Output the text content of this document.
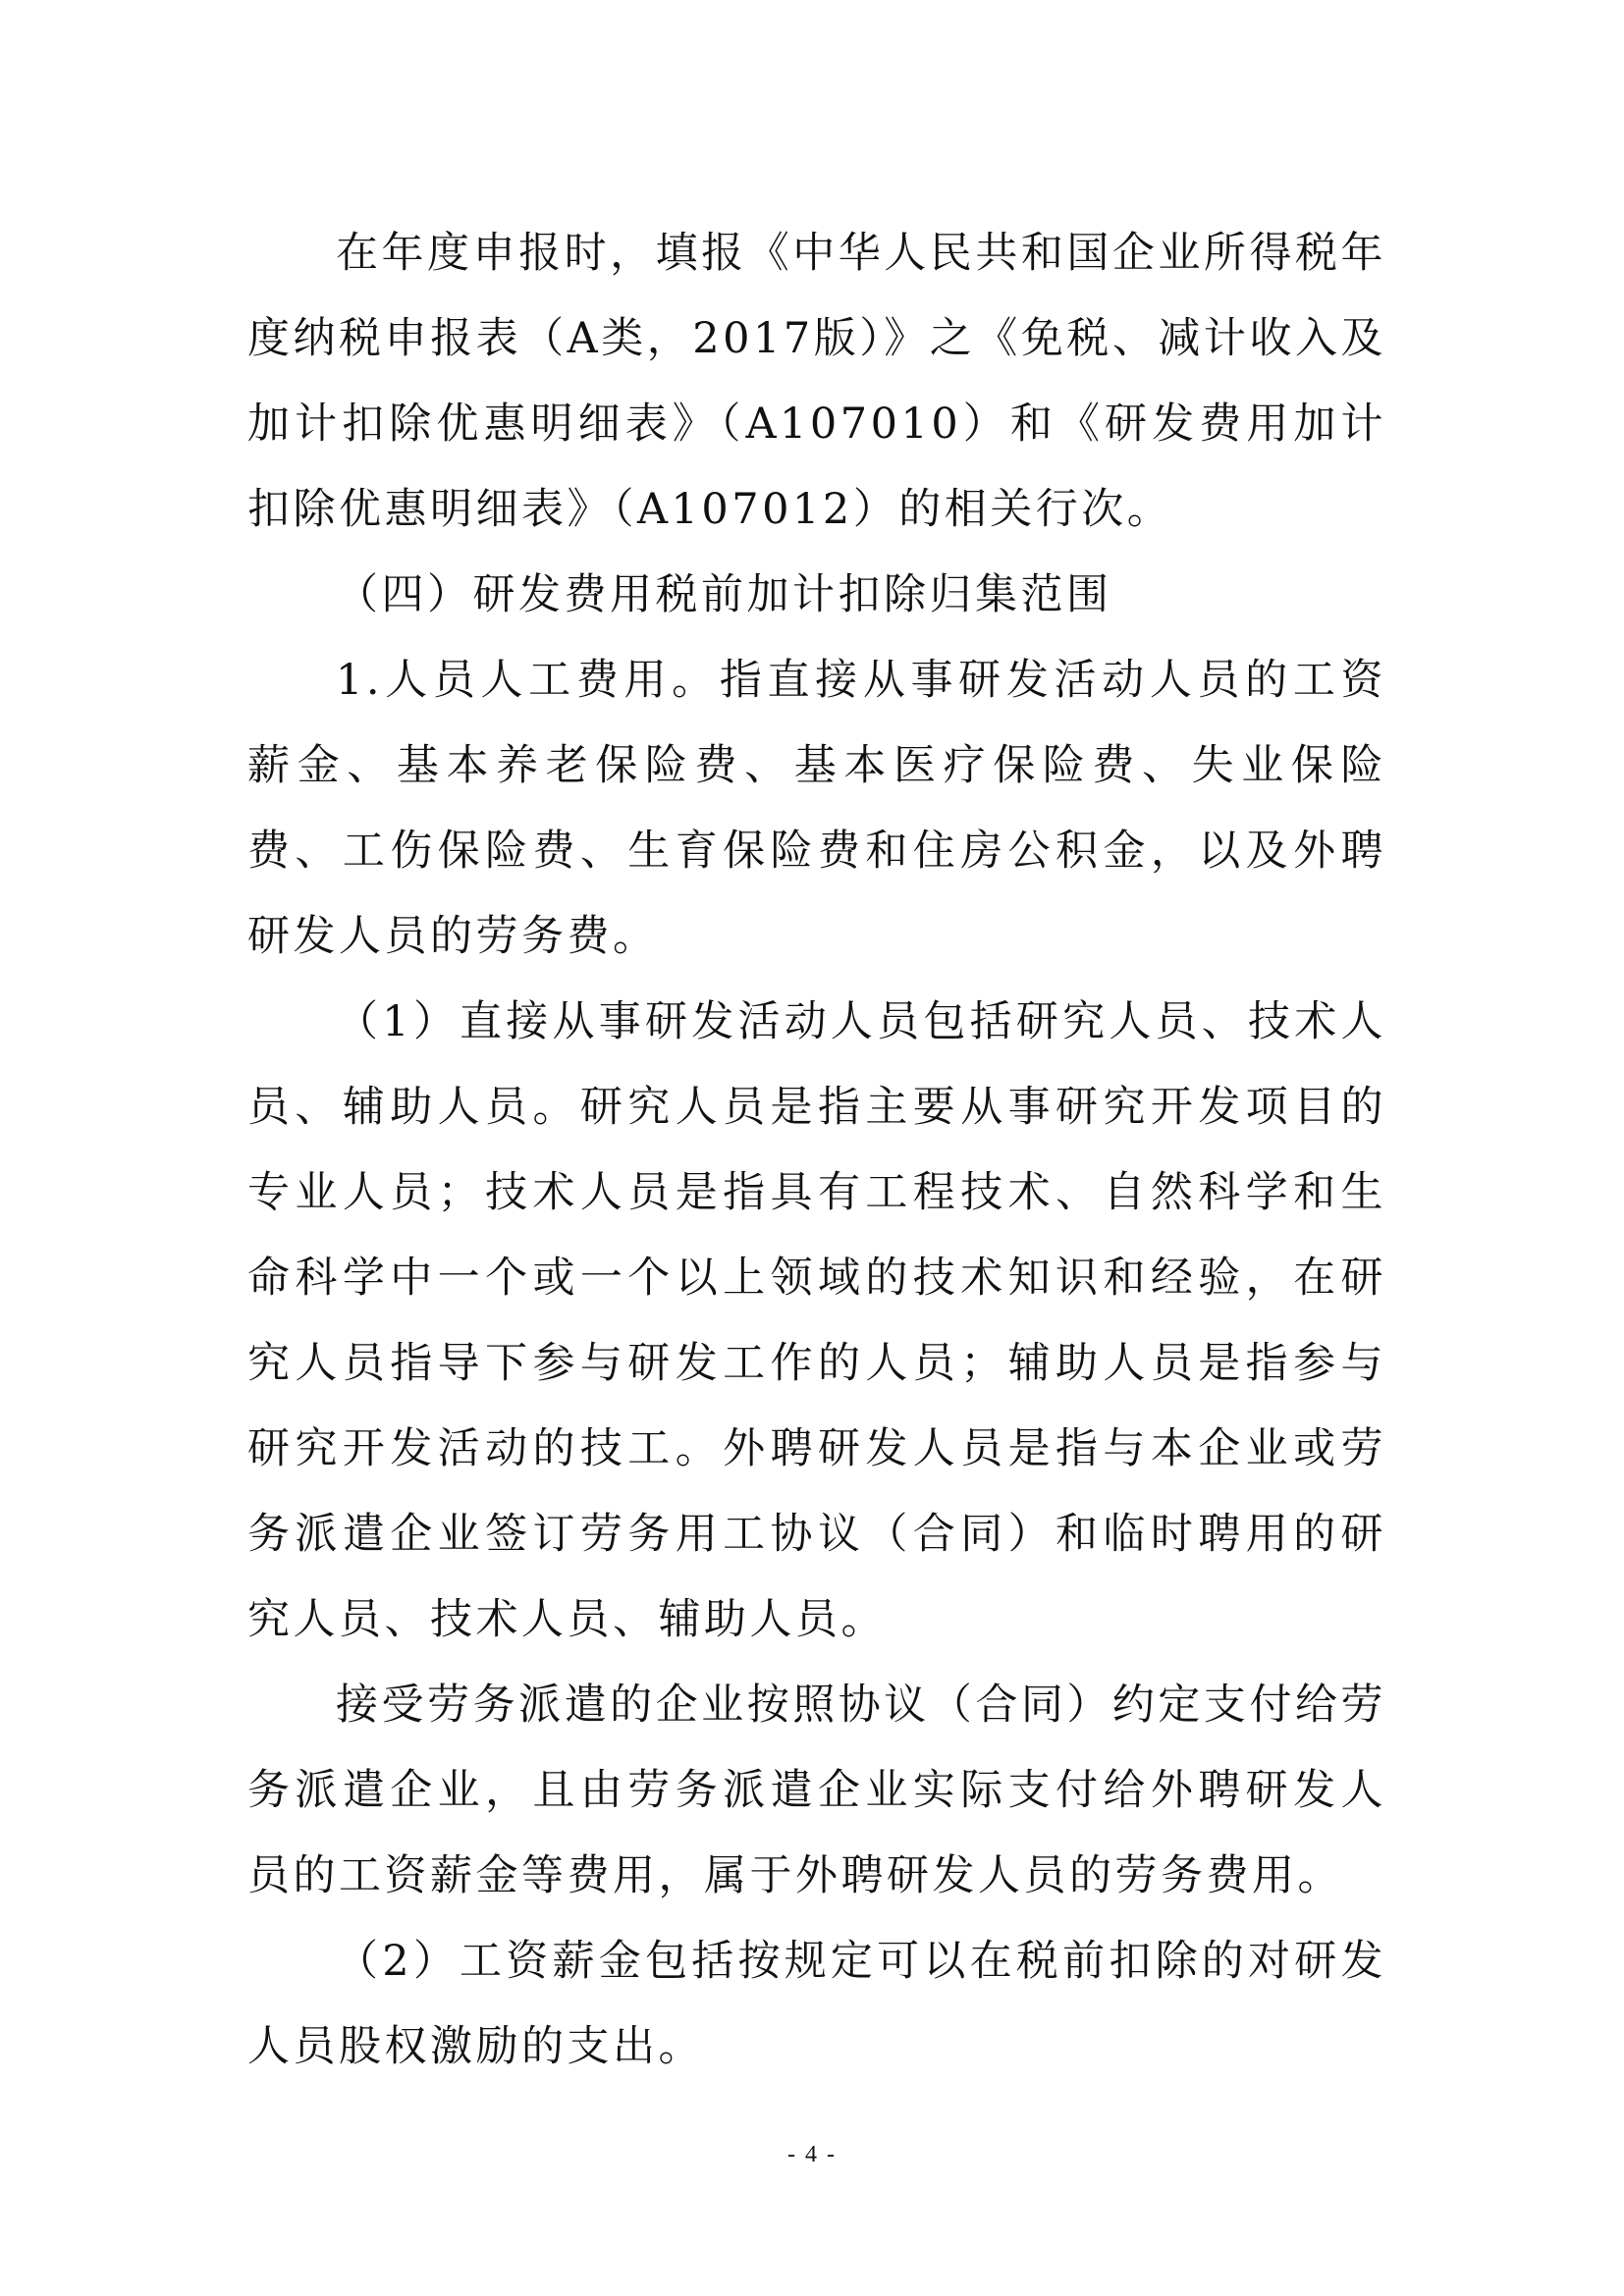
在年度申报时，填报《中华人民共和国企业所得税年度纳税申报表（A类，2017版）》之《免税、减计收入及加计扣除优惠明细表》（A107010）和《研发费用加计扣除优惠明细表》（A107012）的相关行次。

（四）研发费用税前加计扣除归集范围

1.人员人工费用。指直接从事研发活动人员的工资薪金、基本养老保险费、基本医疗保险费、失业保险费、工伤保险费、生育保险费和住房公积金，以及外聘研发人员的劳务费。

（1）直接从事研发活动人员包括研究人员、技术人员、辅助人员。研究人员是指主要从事研究开发项目的专业人员；技术人员是指具有工程技术、自然科学和生命科学中一个或一个以上领域的技术知识和经验，在研究人员指导下参与研发工作的人员；辅助人员是指参与研究开发活动的技工。外聘研发人员是指与本企业或劳务派遣企业签订劳务用工协议（合同）和临时聘用的研究人员、技术人员、辅助人员。

接受劳务派遣的企业按照协议（合同）约定支付给劳务派遣企业，且由劳务派遣企业实际支付给外聘研发人员的工资薪金等费用，属于外聘研发人员的劳务费用。

（2）工资薪金包括按规定可以在税前扣除的对研发人员股权激励的支出。

- 4 -
